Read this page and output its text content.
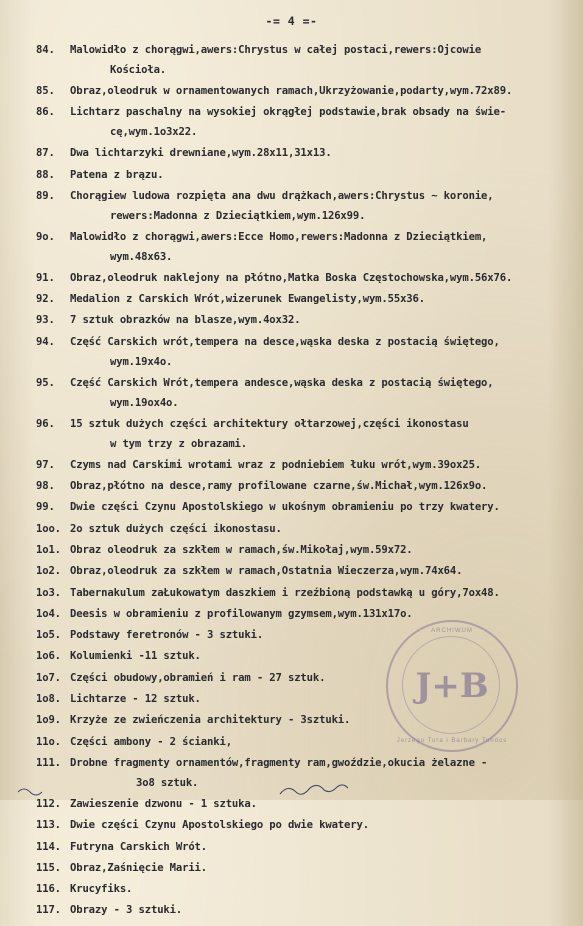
-= 4 =-
84.	Malowidło z chorągwi,awers:Chrystus w całej postaci,rewers:Ojcowie
Kościoła.
85.	Obraz,oleodruk w ornamentowanych ramach,Ukrzyżowanie,podarty,wym.72x89.
86.	Lichtarz paschalny na wysokiej okrągłej podstawie,brak obsady na świe-
cę,wym.1o3x22.
87.	Dwa lichtarzyki drewniane,wym.28x11,31x13.
88.	Patena z brązu.
89.	Chorągiew ludowa rozpięta ana dwu drążkach,awers:Chrystus ~ koronie,
rewers:Madonna z Dzieciątkiem,wym.126x99.
9o.	Malowidło z chorągwi,awers:Ecce Homo,rewers:Madonna z Dzieciątkiem,
wym.48x63.
91.	Obraz,oleodruk naklejony na płótno,Matka Boska Częstochowska,wym.56x76.
92.	Medalion z Carskich Wrót,wizerunek Ewangelisty,wym.55x36.
93.	7 sztuk obrazków na blasze,wym.4ox32.
94.	Część Carskich wrót,tempera na desce,wąska deska z postacią świętego,
wym.19x4o.
95.	Część Carskich Wrót,tempera andesce,wąska deska z postacią świętego,
wym.19ox4o.
96.	15 sztuk dużych części architektury ołtarzowej,części ikonostasu
w tym trzy z obrazami.
97.	Czyms nad Carskimi wrotami wraz z podniebiem łuku wrót,wym.39ox25.
98.	Obraz,płótno na desce,ramy profilowane czarne,św.Michał,wym.126x9o.
99.	Dwie części Czynu Apostolskiego w ukośnym obramieniu po trzy kwatery.
1oo. 2o sztuk dużych części ikonostasu.
1o1. Obraz oleodruk za szkłem w ramach,św.Mikołaj,wym.59x72.
1o2. Obraz,oleodruk za szkłem w ramach,Ostatnia Wieczerza,wym.74x64.
1o3. Tabernakulum zaŁukowatym daszkiem i rzeźbioną podstawką u góry,7ox48.
1o4. Deesis w obramieniu z profilowanym gzymsem,wym.131x17o.
1o5. Podstawy feretronów - 3 sztuki.
1o6. Kolumienki -11 sztuk.
1o7. Części obudowy,obramień i ram - 27 sztuk.
1o8. Lichtarze - 12 sztuk.
1o9. Krzyże ze zwieńczenia architektury - 3sztuki.
11o. Części ambony - 2 ścianki,
111. Drobne fragmenty ornamentów,fragmenty ram,gwoździe,okucia żelazne -
3o8 sztuk.
112. Zawieszenie dzwonu - 1 sztuka.
113. Dwie części Czynu Apostolskiego po dwie kwatery.
114. Futryna Carskich Wrót.
115. Obraz,Zaśnięcie Marii.
116. Krucyfiks.
117. Obrazy - 3 sztuki.
ARCHIWUM
J+B
Jerzego Tura i Barbary Tondos
